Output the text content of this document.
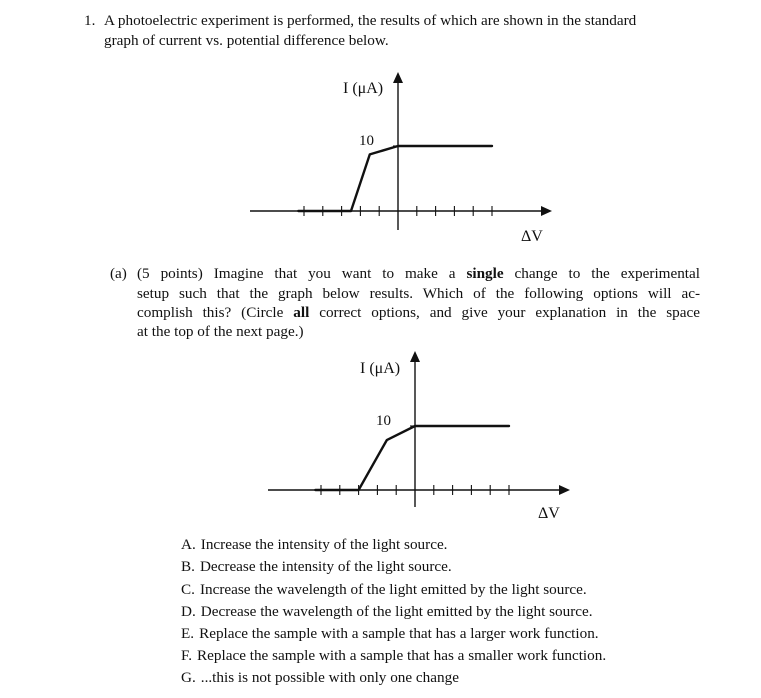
1. A photoelectric experiment is performed, the results of which are shown in the standard
graph of current vs. potential difference below.
I (μA)
10
ΔV
(a) (5 points) Imagine that you want to make a single change to the experimental
setup such that the graph below results. Which of the following options will ac-
complish this? (Circle all correct options, and give your explanation in the space
at the top of the next page.)
I (μA)
10
ΔV
A. Increase the intensity of the light source.
B. Decrease the intensity of the light source.
C. Increase the wavelength of the light emitted by the light source.
D. Decrease the wavelength of the light emitted by the light source.
E. Replace the sample with a sample that has a larger work function.
F. Replace the sample with a sample that has a smaller work function.
G. ...this is not possible with only one change
